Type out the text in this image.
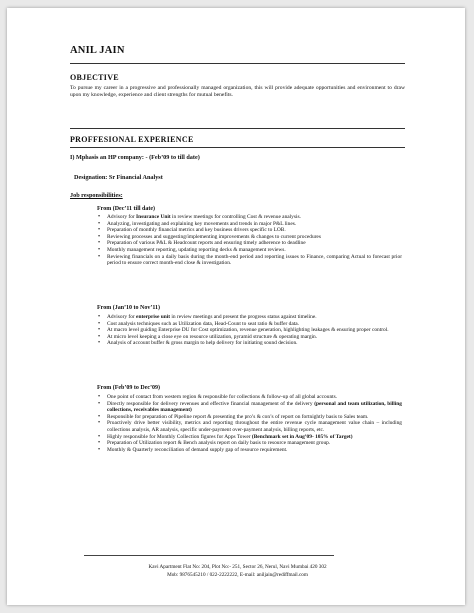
ANIL JAIN
OBJECTIVE
To pursue my career in a progressive and professionally managed organization, this will provide adequate opportunities and environment to draw upon my knowledge, experience and client strengths for mutual benefits.
PROFFESIONAL EXPERIENCE
I) Mphasis an HP company: - (Feb’09 to till date)
Designation: Sr Financial Analyst
Job responsibilities:
From (Dec’11 till date)
• Advisory for Insurance Unit in review meetings for controlling Cost & revenue analysis.
• Analyzing, investigating and explaining key movements and trends in major P&L lines.
• Preparation of monthly financial metrics and key business drivers specific to LOB.
• Reviewing processes and suggesting/implementing improvements & changes to current procedures
• Preparation of various P&L & Headcount reports and ensuring timely adherence to deadline
• Monthly management reporting, updating reporting decks & management reviews.
• Reviewing financials on a daily basis during the month-end period and reporting issues to Finance, comparing Actual to forecast prior period to ensure correct month-end close & investigation.
From (Jan’10 to Nov’11)
• Advisory for enterprise unit in review meetings and present the progress status against timeline.
• Cost analysis techniques such as Utilization data, Head-Count to seat ratio & buffer data.
• At macro level guiding Enterprise DU for Cost optimization, revenue generation, highlighting leakages & ensuring proper control.
• At micro level keeping a close eye on resource utilization, pyramid structure & operating margin.
• Analysis of account buffer & gross margin to help delivery for initiating sound decision.
From (Feb’09 to Dec’09)
• One point of contact from western region & responsible for collections & follow-up of all global accounts.
• Directly responsible for delivery revenues and effective financial management of the delivery (personal and team utilization, billing collections, receivables management)
• Responsible for preparation of Pipeline report & presenting the pro’s & con’s of report on fortnightly basis to Sales team.
• Proactively drive better visibility, metrics and reporting throughout the entire revenue cycle management value chain – including collections analysis, AR analysis, specific under-payment over-payment analysis, billing reports, etc.
• Highly responsible for Monthly Collection figures for Apps Tower (Benchmark set in Aug’09- 105% of Target)
• Preparation of Utilization report & Bench analysis report on daily basis to resource management group.
• Monthly & Quarterly reconciliation of demand supply gap of resource requirement.
Kavi Apartment Flat No: 204, Plot No:- 251, Sector 26, Nerul, Navi Mumbai 420 302
Mob: 9876545210 / 022-2222222, E-mail: aniljain@rediffmail.com
